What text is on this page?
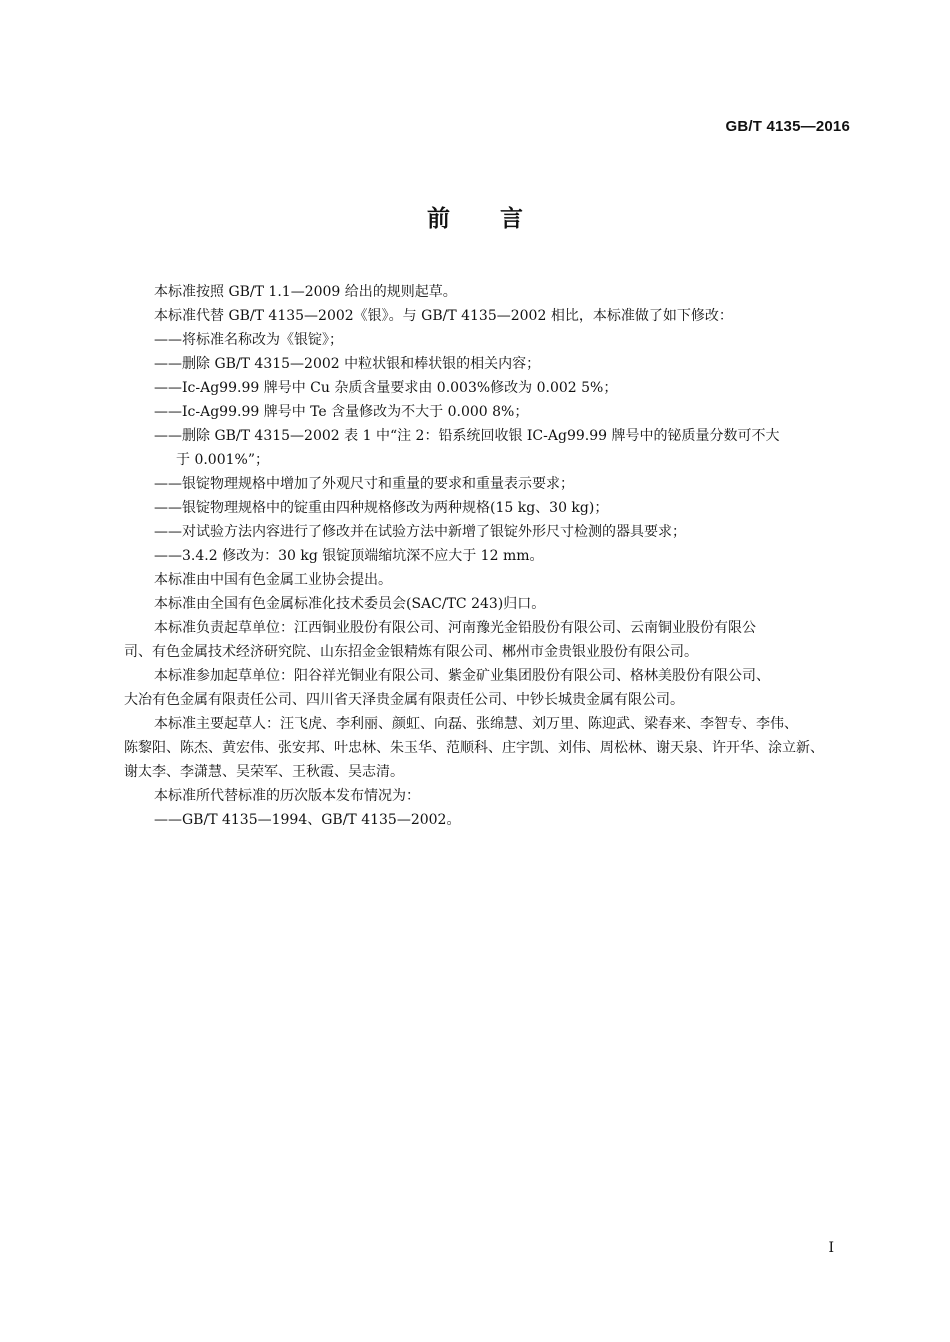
GB/T 4135—2016
前言

本标准按照 GB/T 1.1—2009 给出的规则起草。

本标准代替 GB/T 4135—2002《银》。与 GB/T 4135—2002 相比，本标准做了如下修改：

——将标准名称改为《银锭》；

——删除 GB/T 4315—2002 中粒状银和棒状银的相关内容；

——Ic-Ag99.99 牌号中 Cu 杂质含量要求由 0.003%修改为 0.002 5%；

——Ic-Ag99.99 牌号中 Te 含量修改为不大于 0.000 8%；

——删除 GB/T 4315—2002 表 1 中“注 2：铅系统回收银 IC-Ag99.99 牌号中的铋质量分数可不大

于 0.001%”；

——银锭物理规格中增加了外观尺寸和重量的要求和重量表示要求；

——银锭物理规格中的锭重由四种规格修改为两种规格(15 kg、30 kg)；

——对试验方法内容进行了修改并在试验方法中新增了银锭外形尺寸检测的器具要求；

——3.4.2 修改为：30 kg 银锭顶端缩坑深不应大于 12 mm。

本标准由中国有色金属工业协会提出。

本标准由全国有色金属标准化技术委员会(SAC/TC 243)归口。

本标准负责起草单位：江西铜业股份有限公司、河南豫光金铅股份有限公司、云南铜业股份有限公

司、有色金属技术经济研究院、山东招金金银精炼有限公司、郴州市金贵银业股份有限公司。

本标准参加起草单位：阳谷祥光铜业有限公司、紫金矿业集团股份有限公司、格林美股份有限公司、

大冶有色金属有限责任公司、四川省天泽贵金属有限责任公司、中钞长城贵金属有限公司。

本标准主要起草人：汪飞虎、李利丽、颜虹、向磊、张绵慧、刘万里、陈迎武、梁春来、李智专、李伟、

陈黎阳、陈杰、黄宏伟、张安邦、叶忠林、朱玉华、范顺科、庄宇凯、刘伟、周松林、谢天泉、许开华、涂立新、

谢太李、李潇慧、吴荣军、王秋霞、吴志清。

本标准所代替标准的历次版本发布情况为：

——GB/T 4135—1994、GB/T 4135—2002。

I
